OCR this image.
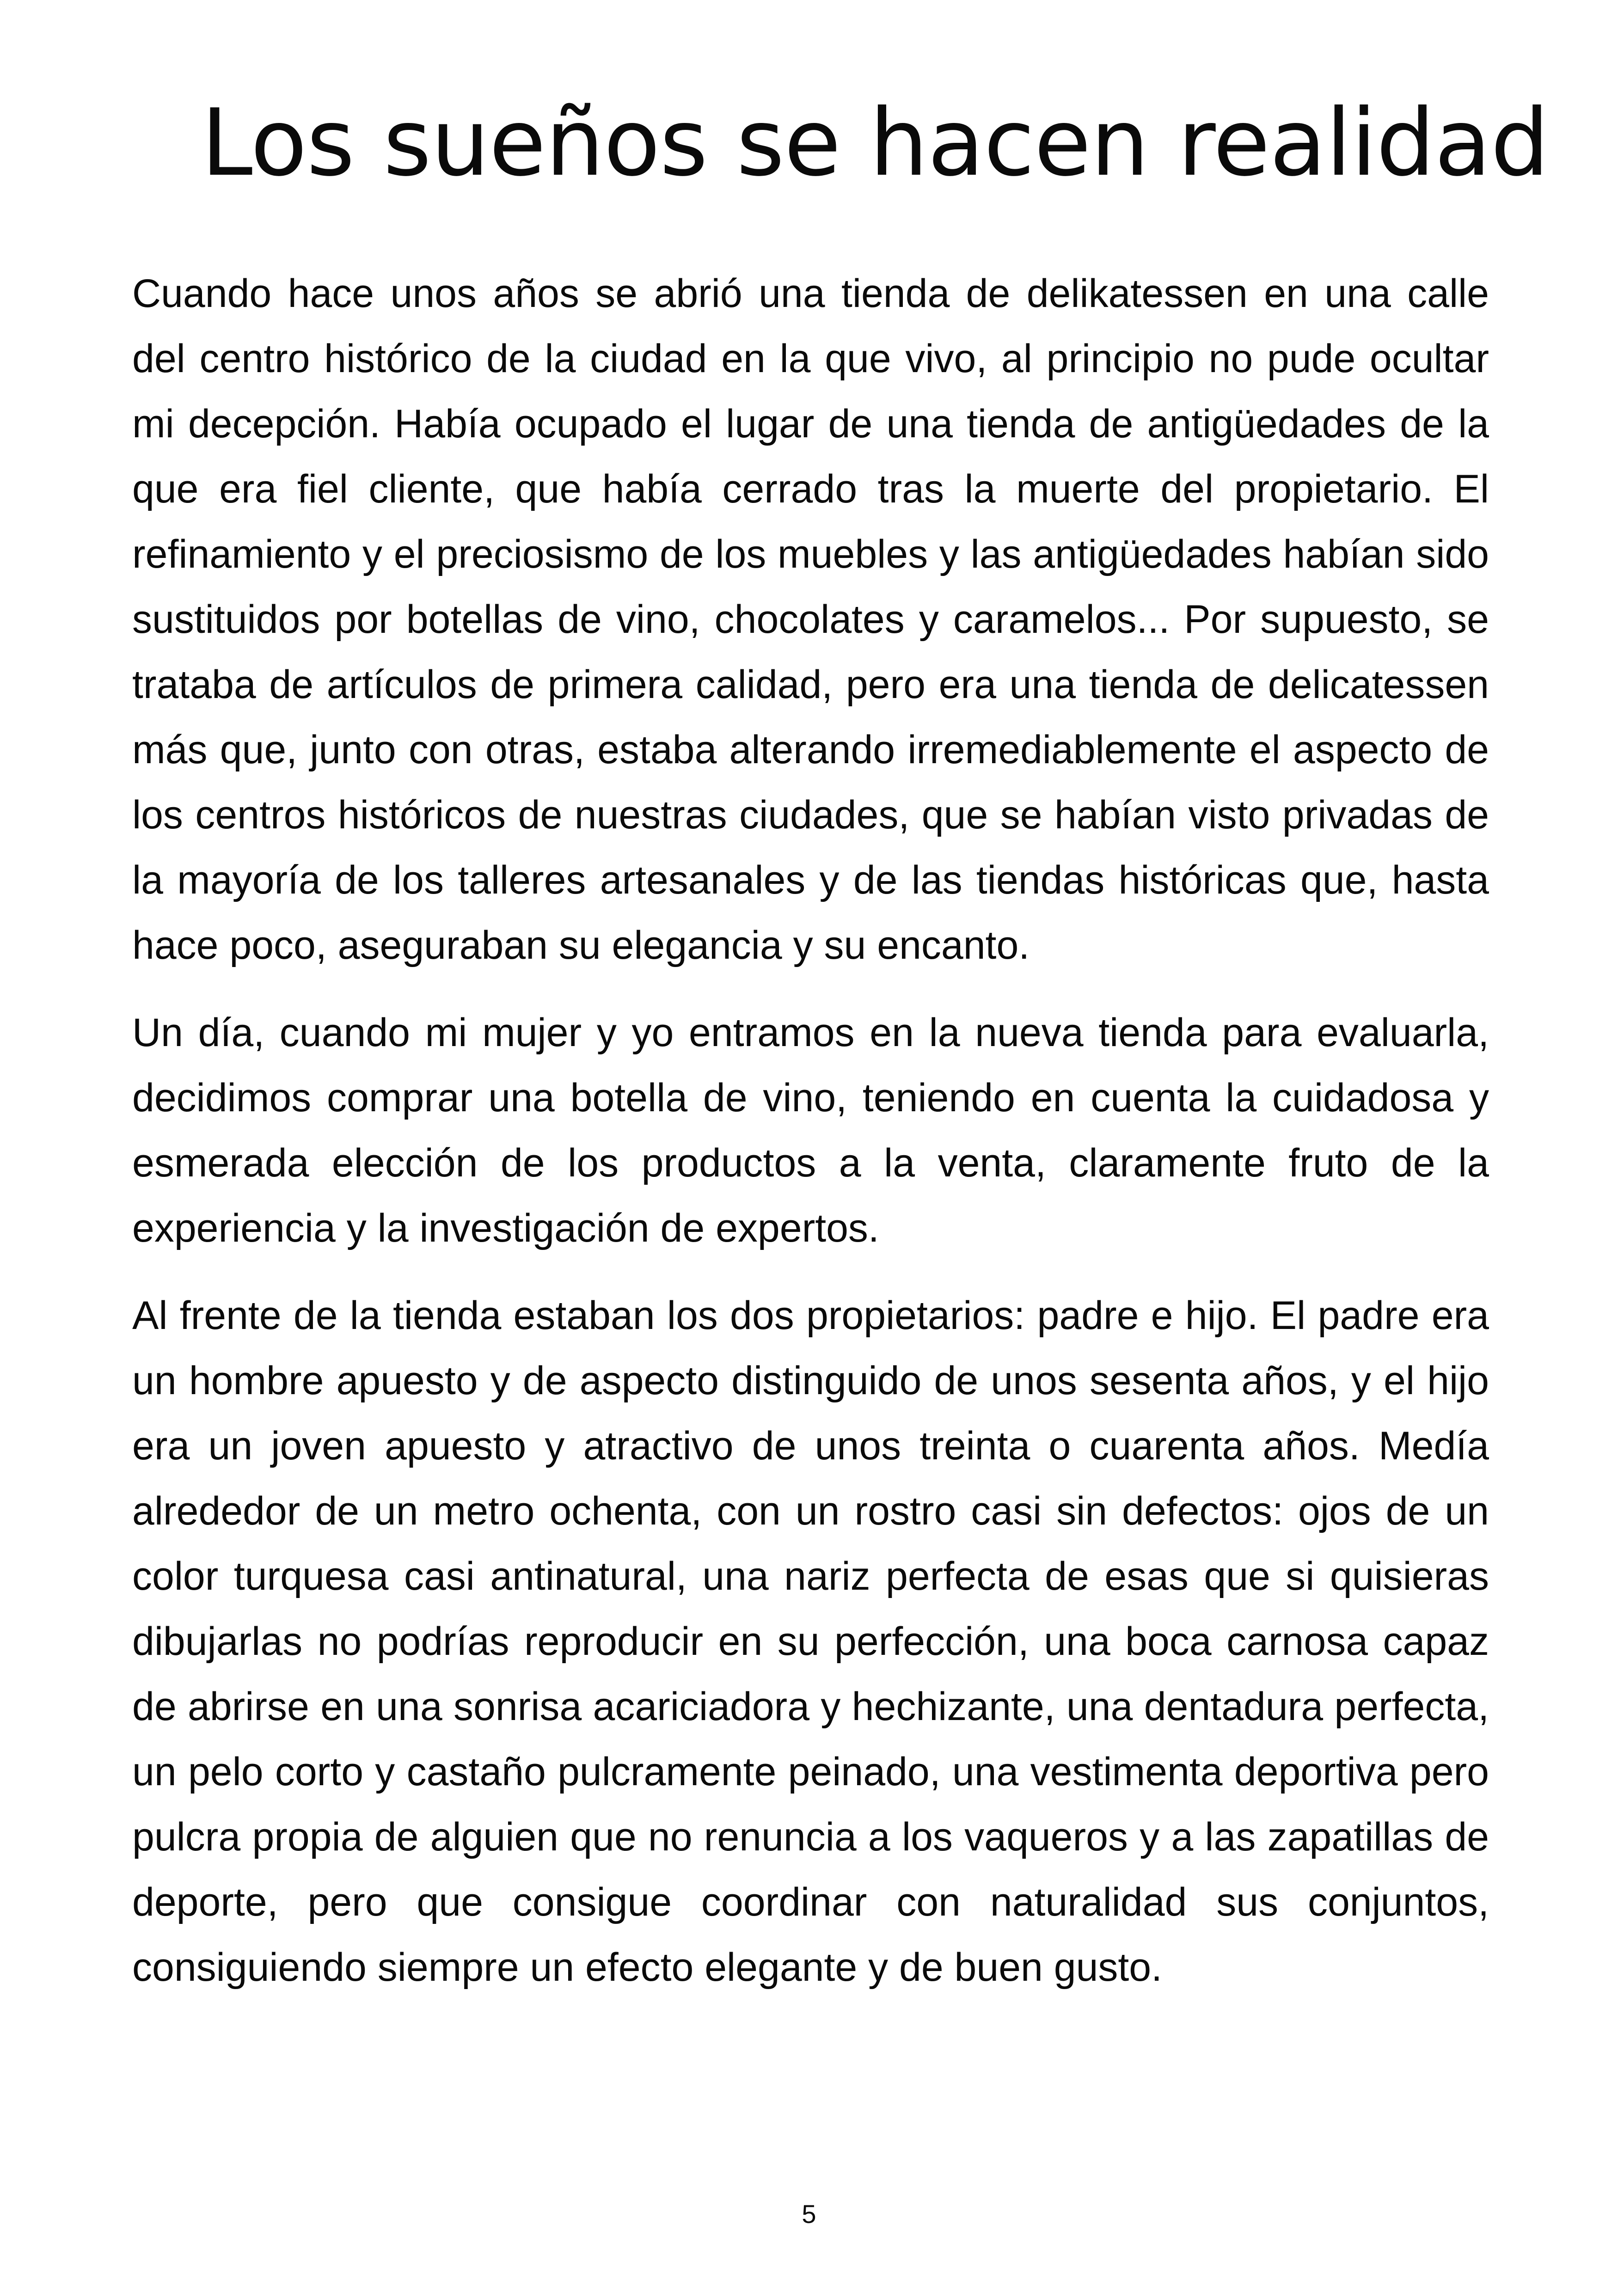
Los sueños se hacen realidad

Cuando hace unos años se abrió una tienda de delikatessen en una calle del centro histórico de la ciudad en la que vivo, al principio no pude ocultar mi decepción. Había ocupado el lugar de una tienda de antigüedades de la que era fiel cliente, que había cerrado tras la muerte del propietario. El refinamiento y el preciosismo de los muebles y las antigüedades habían sido sustituidos por botellas de vino, chocolates y caramelos... Por supuesto, se trataba de artículos de primera calidad, pero era una tienda de delicatessen más que, junto con otras, estaba alterando irremediablemente el aspecto de los centros históricos de nuestras ciudades, que se habían visto privadas de la mayoría de los talleres artesanales y de las tiendas históricas que, hasta hace poco, aseguraban su elegancia y su encanto.

Un día, cuando mi mujer y yo entramos en la nueva tienda para evaluarla, decidimos comprar una botella de vino, teniendo en cuenta la cuidadosa y esmerada elección de los productos a la venta, claramente fruto de la experiencia y la investigación de expertos.

Al frente de la tienda estaban los dos propietarios: padre e hijo. El padre era un hombre apuesto y de aspecto distinguido de unos sesenta años, y el hijo era un joven apuesto y atractivo de unos treinta o cuarenta años. Medía alrededor de un metro ochenta, con un rostro casi sin defectos: ojos de un color turquesa casi antinatural, una nariz perfecta de esas que si quisieras dibujarlas no podrías reproducir en su perfección, una boca carnosa capaz de abrirse en una sonrisa acariciadora y hechizante, una dentadura perfecta, un pelo corto y castaño pulcramente peinado, una vestimenta deportiva pero pulcra propia de alguien que no renuncia a los vaqueros y a las zapatillas de deporte, pero que consigue coordinar con naturalidad sus conjuntos, consiguiendo siempre un efecto elegante y de buen gusto.

5
